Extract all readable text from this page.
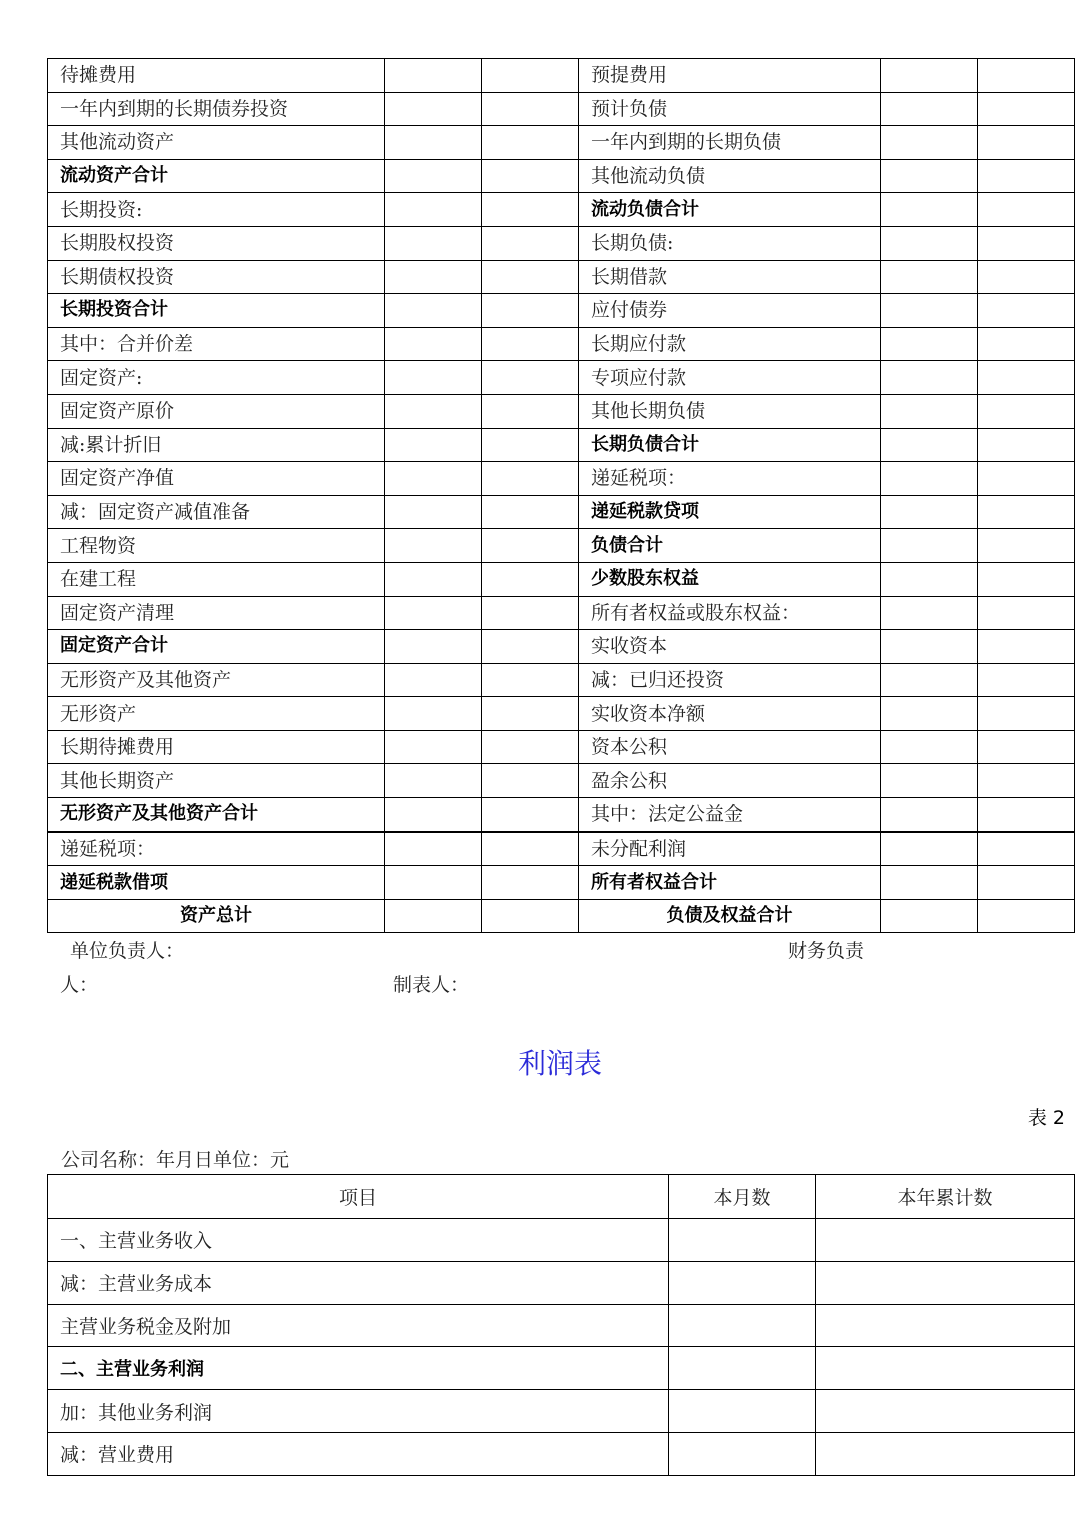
待摊费用			预提费用		
一年内到期的长期债券投资			预计负债		
其他流动资产			一年内到期的长期负债		
流动资产合计			其他流动负债		
长期投资:			流动负债合计		
长期股权投资			长期负债:		
长期债权投资			长期借款		
长期投资合计			应付债券		
其中：合并价差			长期应付款		
固定资产:			专项应付款		
固定资产原价			其他长期负债		
减:累计折旧			长期负债合计		
固定资产净值			递延税项：		
减：固定资产减值准备			递延税款贷项		
工程物资			负债合计		
在建工程			少数股东权益		
固定资产清理			所有者权益或股东权益：		
固定资产合计			实收资本		
无形资产及其他资产			减：已归还投资		
无形资产			实收资本净额		
长期待摊费用			资本公积		
其他长期资产			盈余公积		
无形资产及其他资产合计			其中：法定公益金		
递延税项：			未分配利润		
递延税款借项			所有者权益合计		
资产总计			负债及权益合计		
单位负责人：	财务负责
人：	制表人：
利润表
表 2
公司名称：年月日单位：元
项目	本月数	本年累计数
一、主营业务收入		
减：主营业务成本		
主营业务税金及附加		
二、主营业务利润		
加：其他业务利润		
减：营业费用		
